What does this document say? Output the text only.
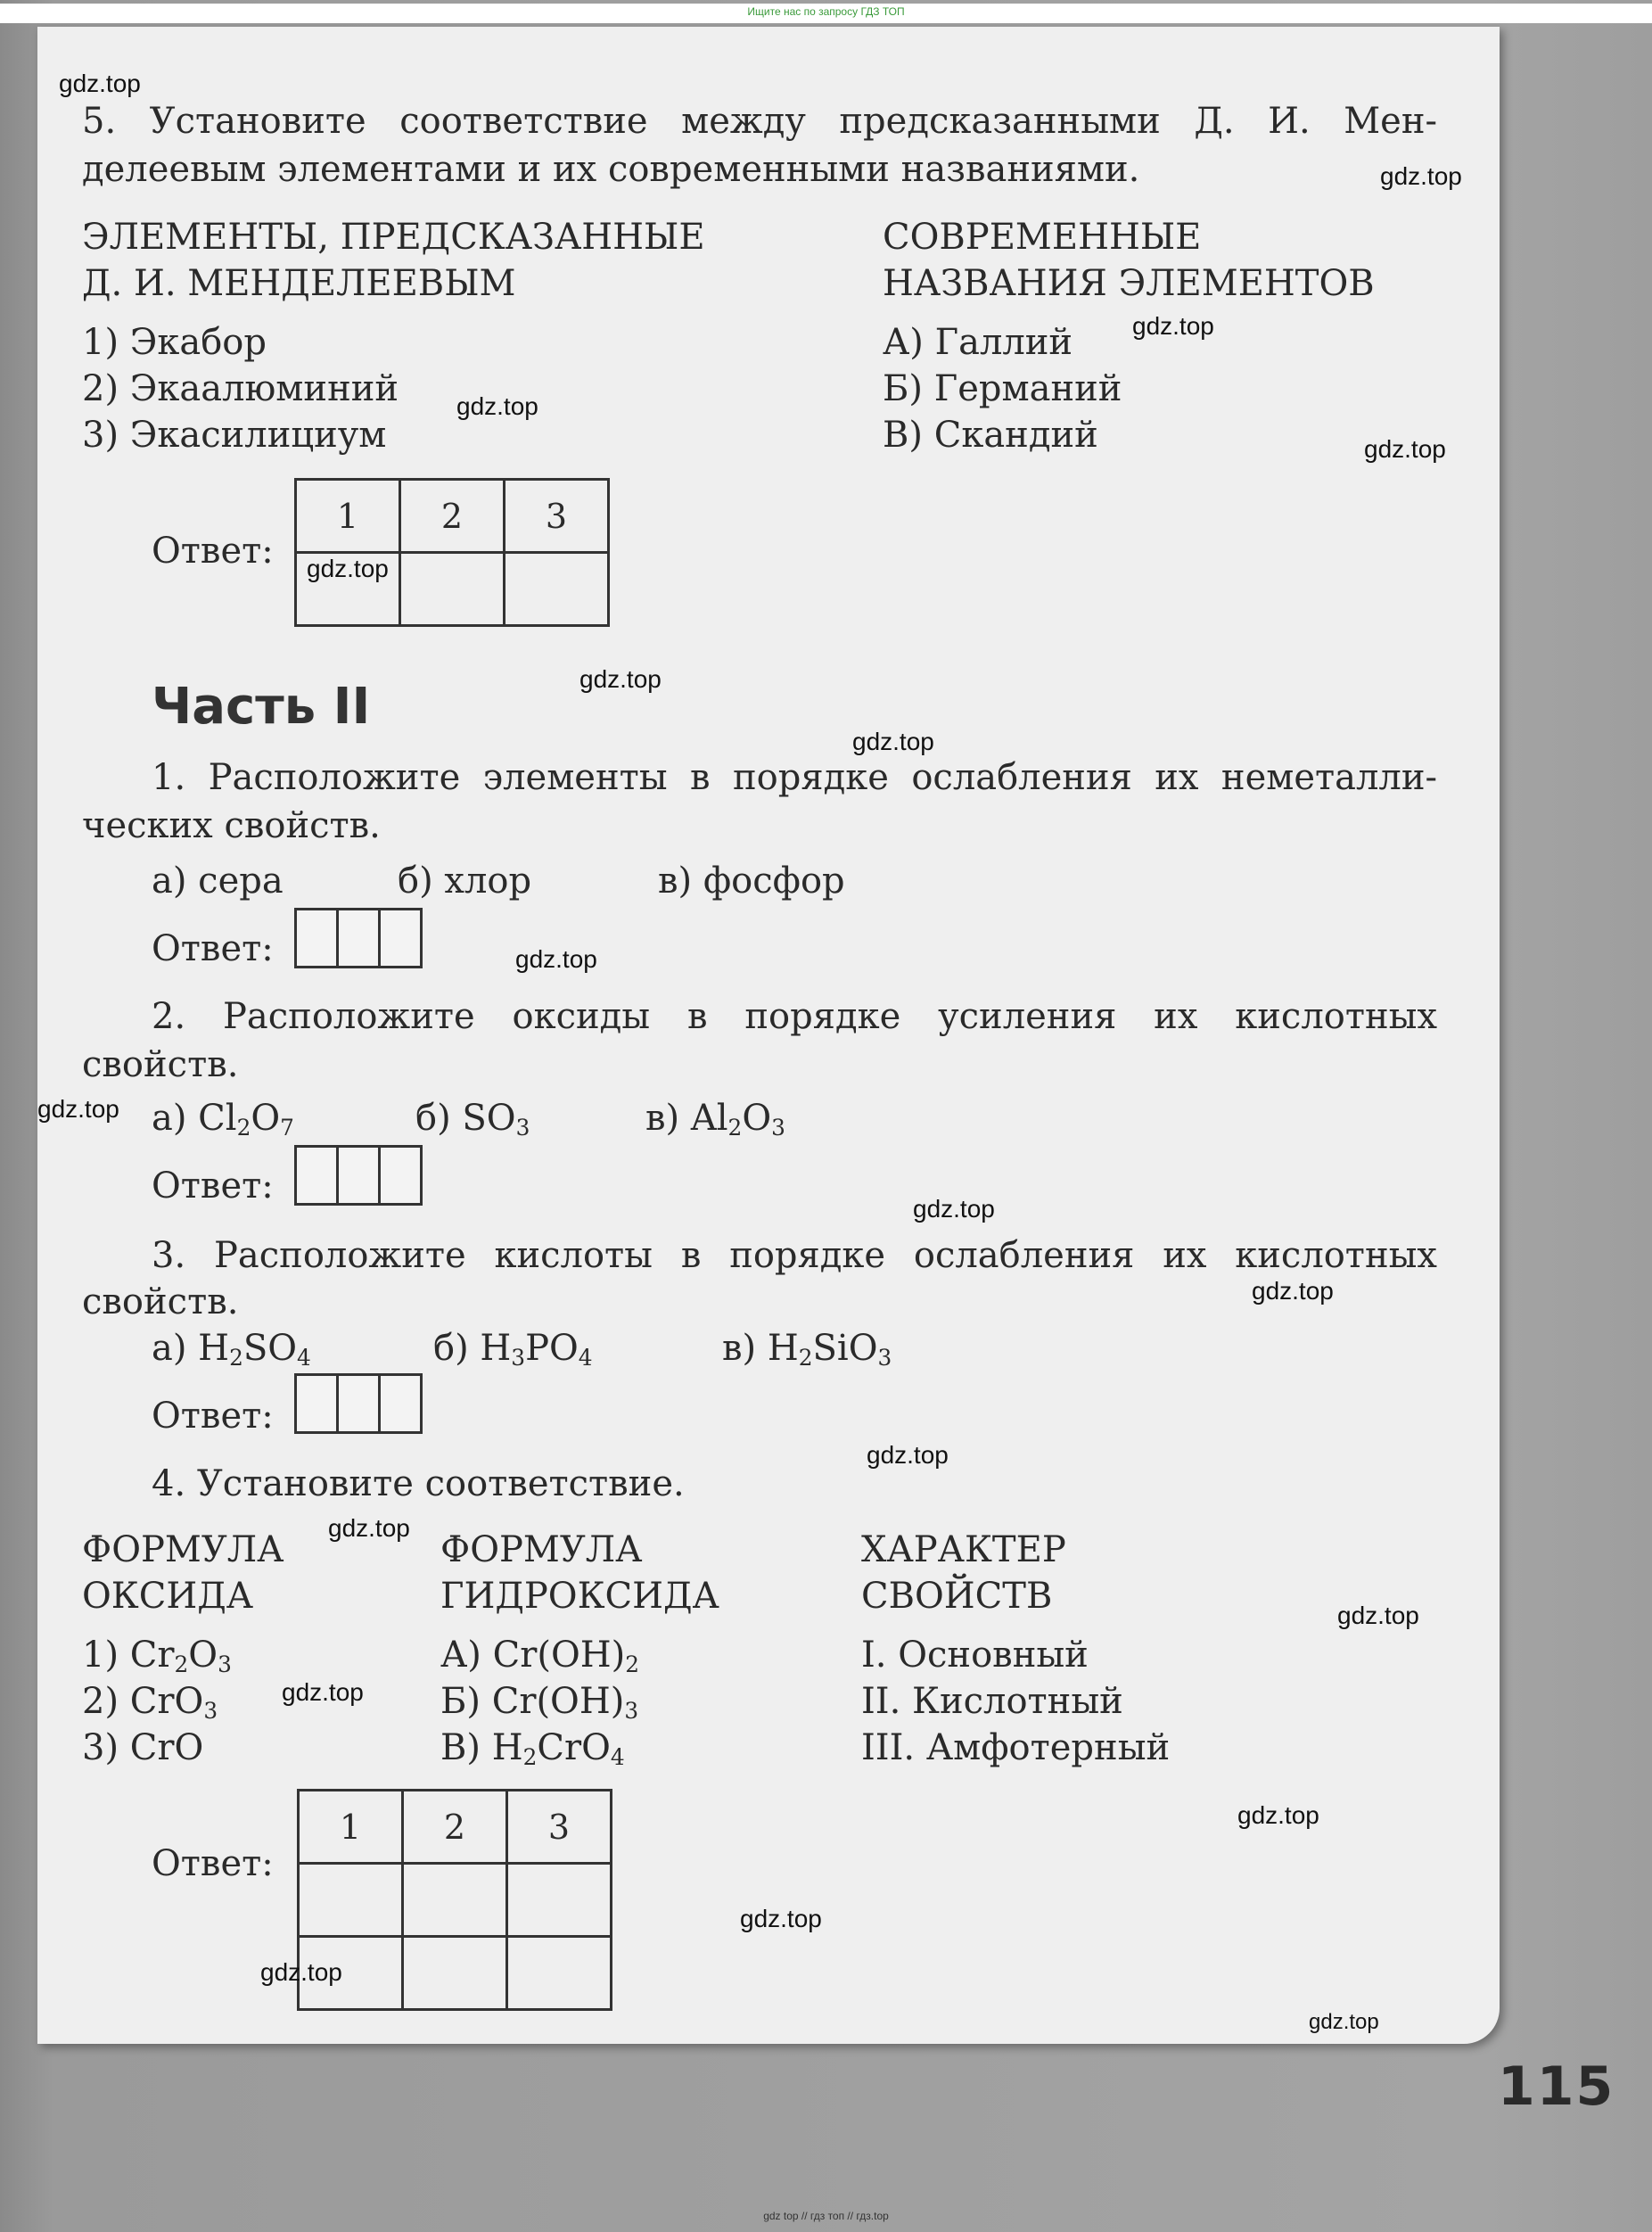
Ищите нас по запросу ГДЗ ТОП
5. Установите соответствие между предсказанными Д. И. Мен-
делеевым элементами и их современными названиями.
ЭЛЕМЕНТЫ, ПРЕДСКАЗАННЫЕ
Д. И. МЕНДЕЛЕЕВЫМ
1) Экабор
2) Экаалюминий
3) Экасилициум
СОВРЕМЕННЫЕ
НАЗВАНИЯ ЭЛЕМЕНТОВ
А) Галлий
Б) Германий
В) Скандий
Ответ:
1	2	3

Часть II
1. Расположите элементы в порядке ослабления их неметалли-
ческих свойств.
а) сера	б) хлор	в) фосфор
Ответ:
2. Расположите оксиды в порядке усиления их кислотных
свойств.
а) $Cl_2O_7$	б) $SO_3$	в) $Al_2O_3$
Ответ:
3. Расположите кислоты в порядке ослабления их кислотных
свойств.
а) $H_2SO_4$	б) $H_3PO_4$	в) $H_2SiO_3$
Ответ:
4. Установите соответствие.
ФОРМУЛА
ОКСИДА
1) $Cr_2O_3$
2) CrO$_3$
3) CrO
ФОРМУЛА
ГИДРОКСИДА
А) $Cr(OH)_2$
Б) $Cr(OH)_3$
В) $H_2CrO_4$
ХАРАКТЕР
СВОЙСТВ
I. Основный
II. Кислотный
III. Амфотерный
Ответ:
1	2	3

gdz.top
gdz.top
gdz.top
gdz.top
gdz.top
gdz.top
gdz.top
gdz.top
gdz.top
gdz.top
gdz.top
gdz.top
gdz.top
gdz.top
gdz.top
gdz.top
gdz.top
gdz.top
gdz.top
gdz.top
115
gdz top // гдз топ // гдз.top
